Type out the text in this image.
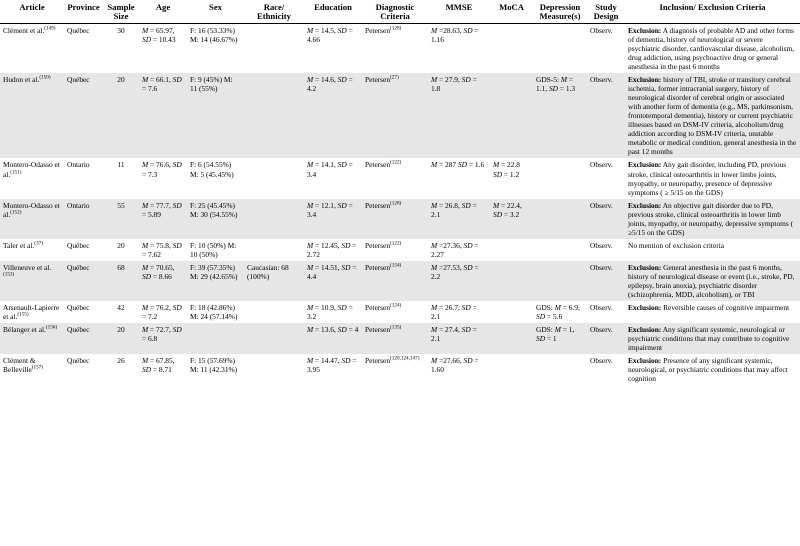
Article	Province	Sample Size	Age	Sex	Race/ Ethnicity	Education	Diagnostic Criteria	MMSE	MoCA	Depression Measure(s)	Study Design	Inclusion/ Exclusion Criteria
Clément et al.$^{(149)}$	Québec	30	M = 65.97, SD = 10.43	F: 16 (53.33%) M: 14 (46.67%)		M = 14.5, SD = 4.66	Petersen$^{(128)}$	M =28.63, SD = 1.16			Observ.	Exclusion: A diagnosis of probable AD and other forms of dementia, history of neurological or severe psychiatric disorder, cardiovascular disease, alcoholism, drug addiction, using psychoactive drug or general anesthesia in the past 6 months
Hudon et al.$^{(150)}$	Québec	20	M = 66.1, SD = 7.6	F: 9 (45%) M: 11 (55%)		M = 14.6, SD = 4.2	Petersen$^{(27)}$	M = 27.9, SD = 1.8		GDS-5: M = 1.1, SD = 1.3	Observ.	Exclusion: history of TBI, stroke or transitory cerebral ischemia, former intracranial surgery, history of neurological disorder of cerebral origin or associated with another form of dementia (e.g., MS, parkinsonism, frontotemporal dementia), history or current psychiatric illnesses based on DSM-IV criteria, alcoholism/drug addiction according to DSM-IV criteria, unstable metabolic or medical condition, general anesthesia in the past 12 months
Montero-Odasso et al.$^{(151)}$	Ontario	11	M = 76.6, SD = 7.3	F: 6 (54.55%) M: 5 (45.45%)		M = 14.1, SD = 3.4	Petersen$^{(122)}$	M = 287 SD = 1.6	M = 22.8 SD = 1.2		Observ.	Exclusion: Any gait disorder, including PD, previous stroke, clinical osteoarthritis in lower limbs joints, myopathy, or neuropathy, presence of depressive symptoms ( ≥ 5/15 on the GDS)
Montero-Odasso et al.$^{(152)}$	Ontario	55	M = 77.7, SD = 5.89	F: 25 (45.45%) M: 30 (54.55%)		M = 12.1, SD = 3.4	Petersen$^{(128)}$	M = 26.8, SD = 2.1	M = 22.4, SD = 3.2		Observ.	Exclusion: An objective gait disorder due to PD, previous stroke, clinical osteoarthritis in lower limb joints, myopathy, or neuropathy, depressive symptoms ( ≥5/15 on the GDS)
Taler et al.$^{(37)}$	Québec	20	M = 75.8, SD = 7.62	F: 10 (50%) M: 10 (50%)		M = 12.45, SD = 2.72	Petersen$^{(122)}$	M =27.36, SD = 2.27			Observ.	No mention of exclusion criteria
Villeneuve et al.$^{(153)}$	Québec	68	M = 70.65, SD = 8.66	F: 39 (57.35%) M: 29 (42.65%)	Caucasian: 68 (100%)	M = 14.51, SD = 4.4	Petersen$^{(154)}$	M =27.53, SD = 2.2			Observ.	Exclusion: General anesthesia in the past 6 months, history of neurological disease or event (i.e., stroke, PD, epilepsy, brain anoxia), psychiatric disorder (schizophrenia, MDD, alcoholism), or TBI
Arsenault-Lapierre et al.$^{(155)}$	Québec	42	M = 76.2, SD = 7.2	F: 18 (42.86%) M: 24 (57.14%)		M = 10.9, SD = 3.2	Petersen$^{(124)}$	M = 26.7, SD = 2.1		GDS: M = 6.9, SD = 5.6	Observ.	Exclusion: Reversible causes of cognitive impairment
Bélanger et al.$^{(156)}$	Québec	20	M = 72.7, SD = 6.8			M = 13.6, SD = 4	Petersen$^{(135)}$	M = 27.4, SD = 2.1		GDS: M = 1, SD = 1	Observ.	Exclusion: Any significant systemic, neurological or psychiatric conditions that may contribute to cognitive impairment
Clément & Belleville$^{(157)}$	Québec	26	M = 67.85, SD = 8.71	F: 15 (57.69%) M: 11 (42.31%)		M = 14.47, SD = 3.95	Petersen$^{(120,124,147)}$	M =27.66, SD = 1.60			Observ.	Exclusion: Presence of any significant systemic, neurological, or psychiatric conditions that may affect cognition
